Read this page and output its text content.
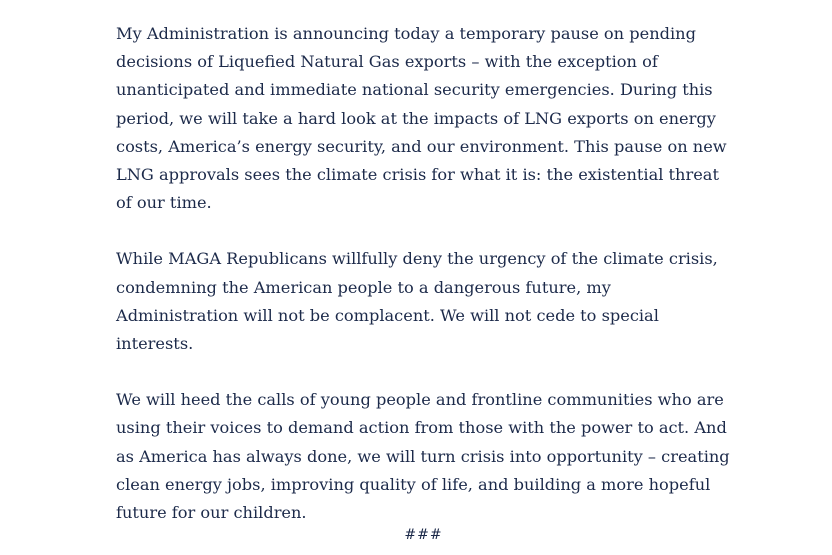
My Administration is announcing today a temporary pause on pending decisions of Liquefied Natural Gas exports – with the exception of unanticipated and immediate national security emergencies. During this period, we will take a hard look at the impacts of LNG exports on energy costs, America’s energy security, and our environment. This pause on new LNG approvals sees the climate crisis for what it is: the existential threat of our time.

While MAGA Republicans willfully deny the urgency of the climate crisis, condemning the American people to a dangerous future, my Administration will not be complacent. We will not cede to special interests.

We will heed the calls of young people and frontline communities who are using their voices to demand action from those with the power to act. And as America has always done, we will turn crisis into opportunity – creating clean energy jobs, improving quality of life, and building a more hopeful future for our children.

###
